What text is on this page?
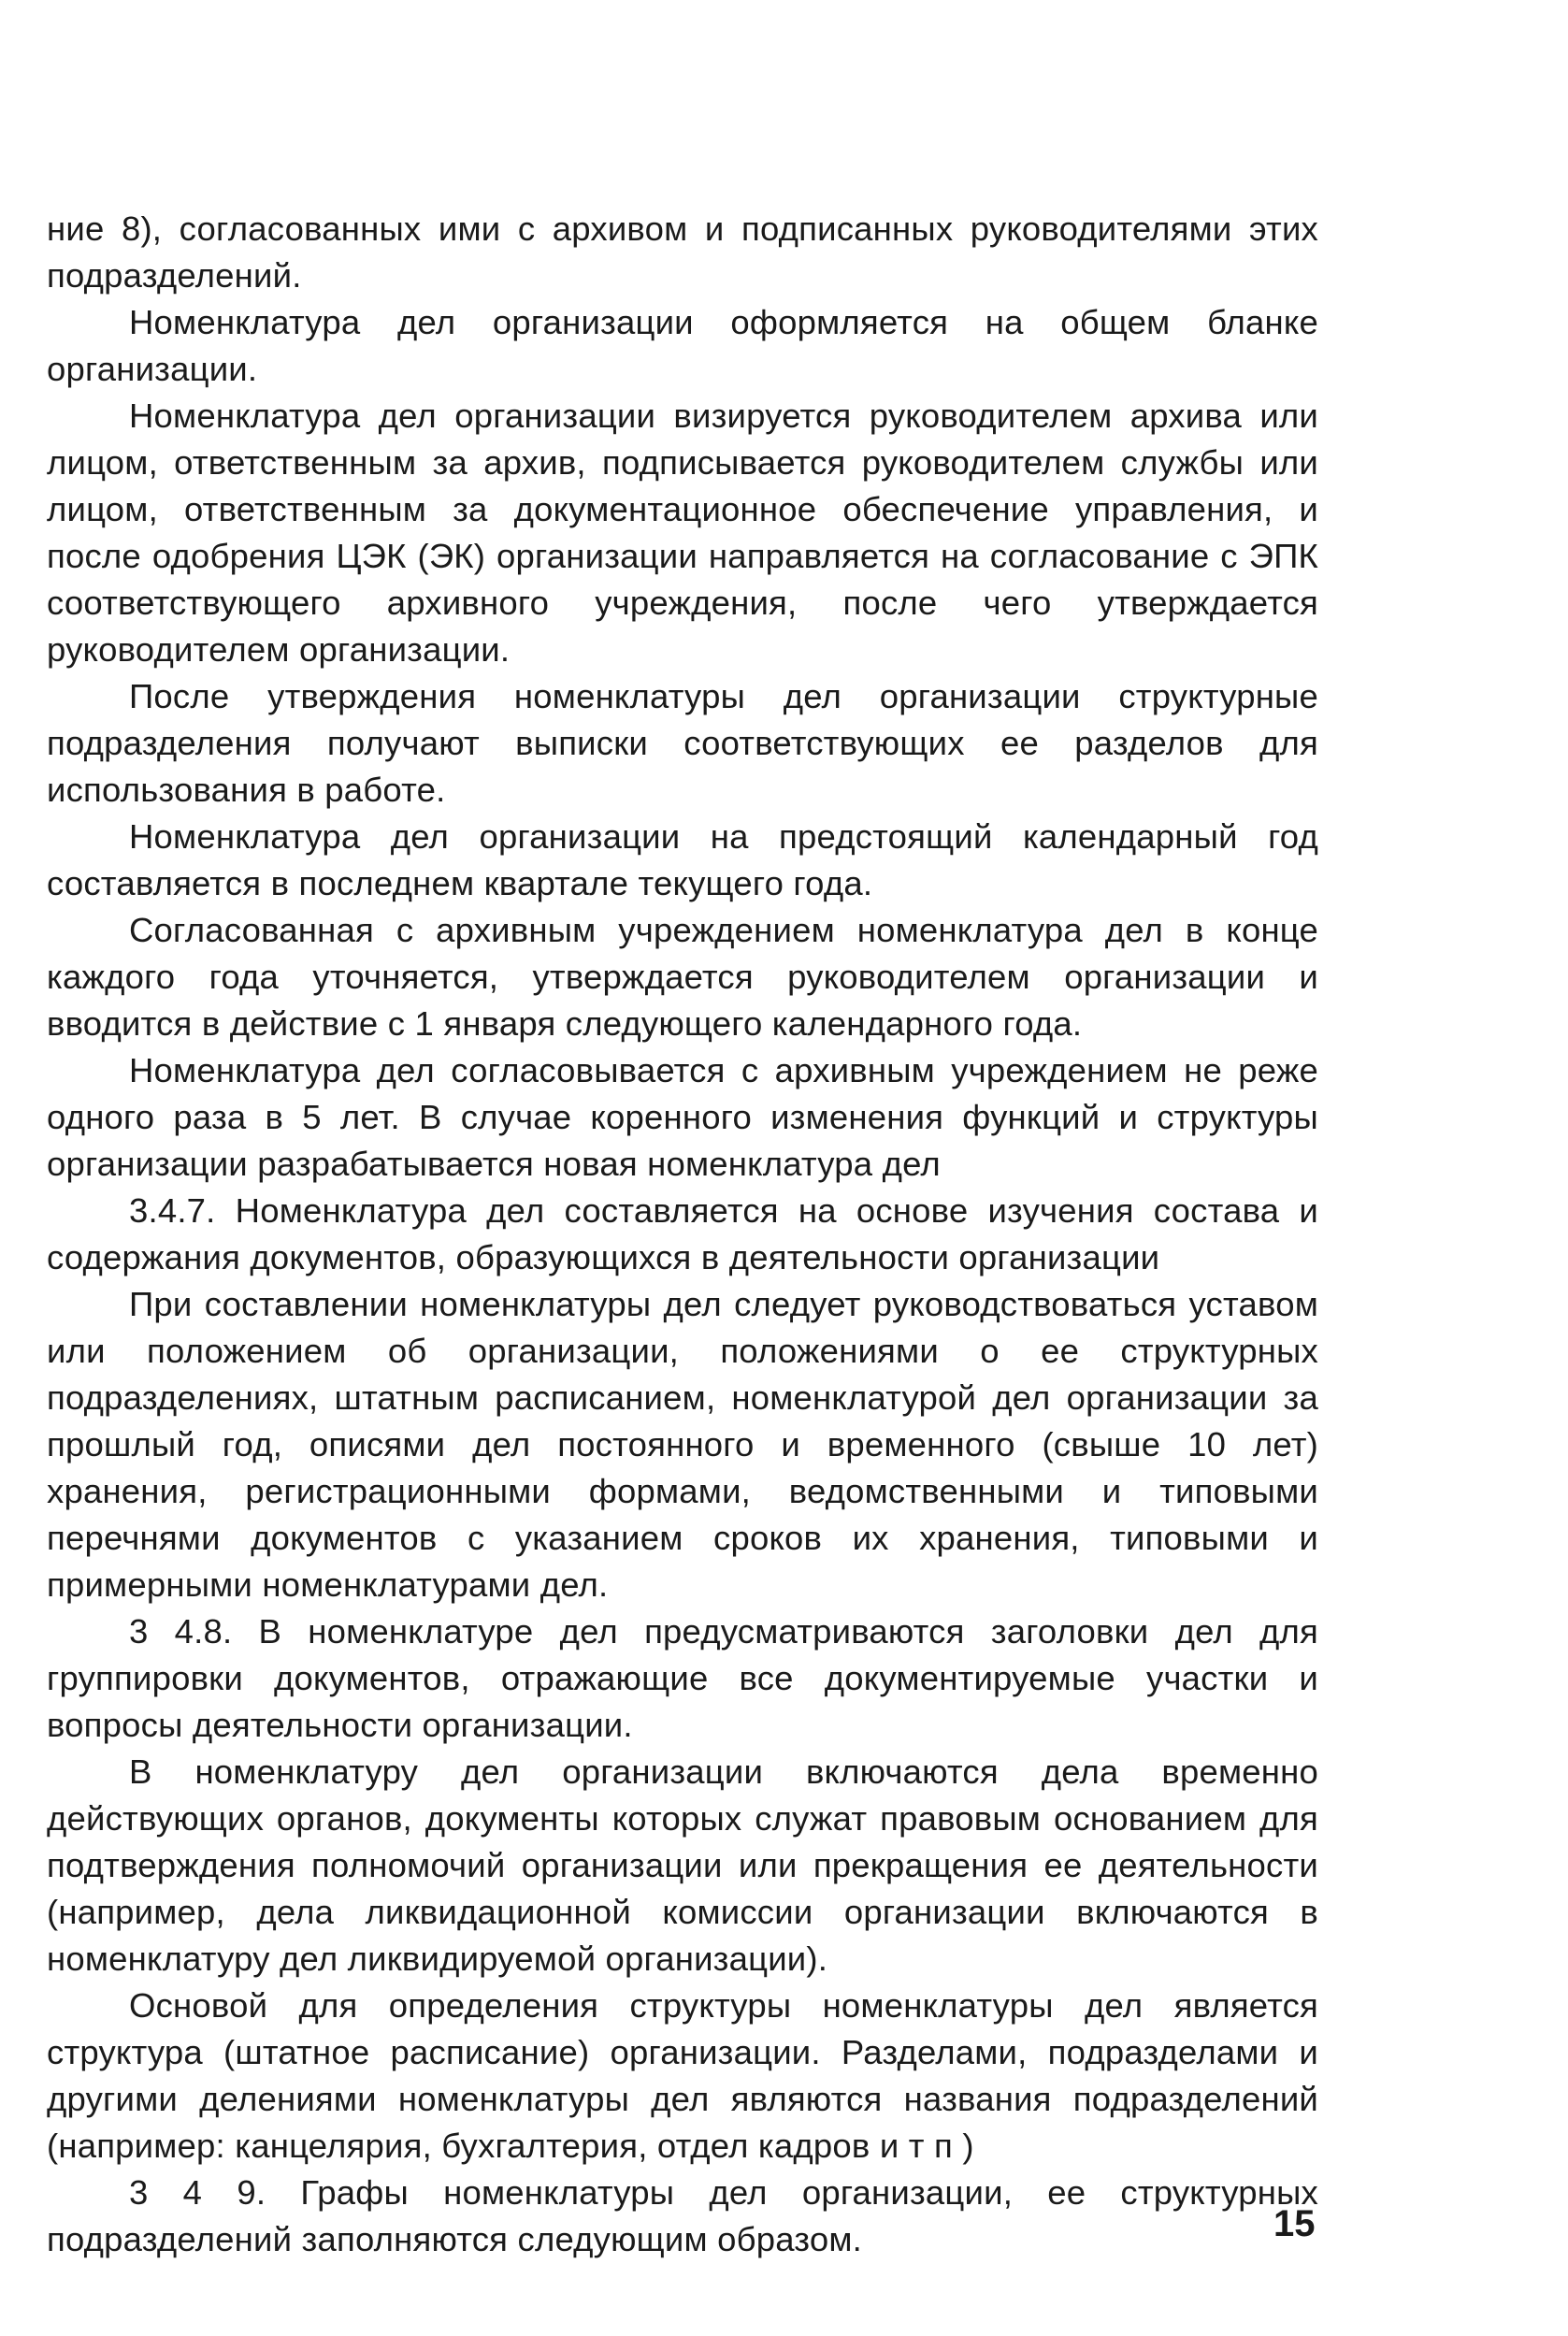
ние 8), согласованных ими с архивом и подписанных руководителями этих подразделений.

Номенклатура дел организации оформляется на общем бланке организации.

Номенклатура дел организации визируется руководителем архива или лицом, ответственным за архив, подписывается руководителем службы или лицом, ответственным за документационное обеспечение управления, и после одобрения ЦЭК (ЭК) организации направляется на согласование с ЭПК соответствующего архивного учреждения, после чего утверждается руководителем организации.

После утверждения номенклатуры дел организации структурные подразделения получают выписки соответствующих ее разделов для использования в работе.

Номенклатура дел организации на предстоящий календарный год составляется в последнем квартале текущего года.

Согласованная с архивным учреждением номенклатура дел в конце каждого года уточняется, утверждается руководителем организации и вводится в действие с 1 января следующего календарного года.

Номенклатура дел согласовывается с архивным учреждением не реже одного раза в 5 лет. В случае коренного изменения функций и структуры организации разрабатывается новая номенклатура дел

3.4.7. Номенклатура дел составляется на основе изучения состава и содержания документов, образующихся в деятельности организации

При составлении номенклатуры дел следует руководствоваться уставом или положением об организации, положениями о ее структурных подразделениях, штатным расписанием, номенклатурой дел организации за прошлый год, описями дел постоянного и временного (свыше 10 лет) хранения, регистрационными формами, ведомственными и типовыми перечнями документов с указанием сроков их хранения, типовыми и примерными номенклатурами дел.

3 4.8. В номенклатуре дел предусматриваются заголовки дел для группировки документов, отражающие все документируемые участки и вопросы деятельности организации.

В номенклатуру дел организации включаются дела временно действующих органов, документы которых служат правовым основанием для подтверждения полномочий организации или прекращения ее деятельности (например, дела ликвидационной комиссии организации включаются в номенклатуру дел ликвидируемой организации).

Основой для определения структуры номенклатуры дел является структура (штатное расписание) организации. Разделами, подразделами и другими делениями номенклатуры дел являются названия подразделений (например: канцелярия, бухгалтерия, отдел кадров и т п )

3 4 9. Графы номенклатуры дел организации, ее структурных подразделений заполняются следующим образом.	15
